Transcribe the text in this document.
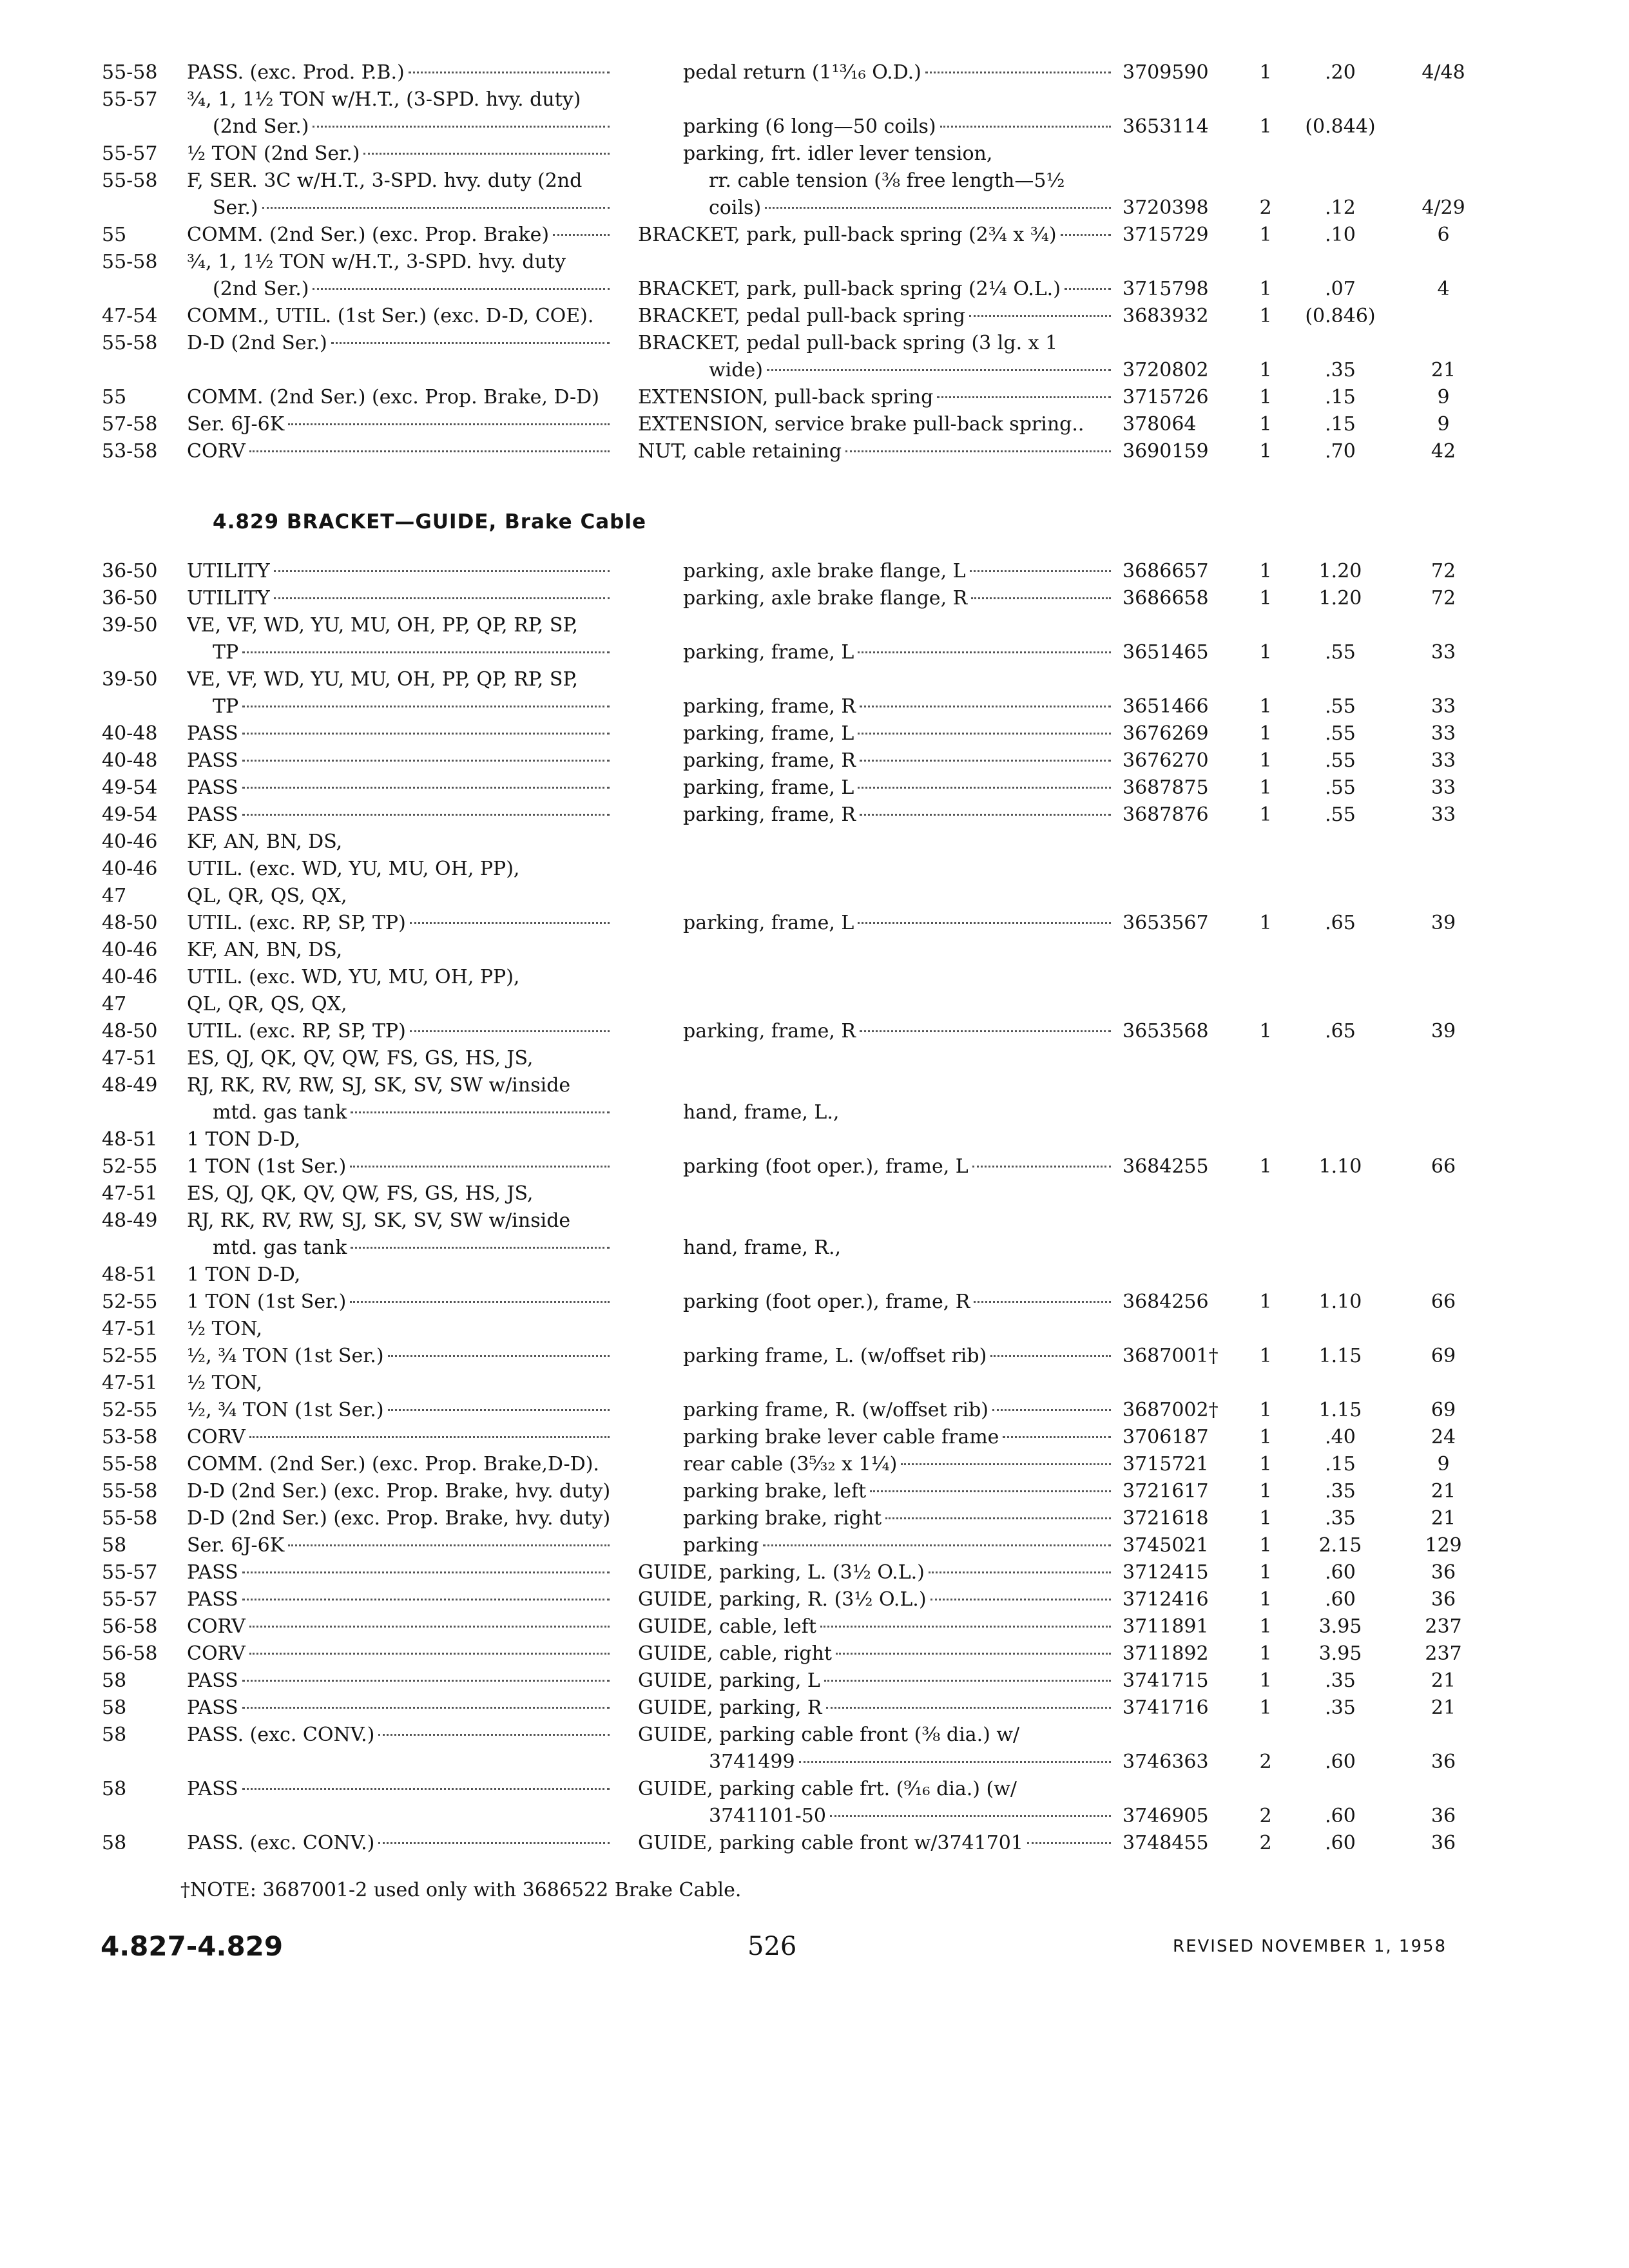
55-58	PASS. (exc. Prod. P.B.)	pedal return (1¹³⁄₁₆ O.D.)	3709590	1	.20	4/48
55-57	¾, 1, 1½ TON w/H.T., (3-SPD. hvy. duty)
(2nd Ser.)	parking (6 long—50 coils)	3653114	1	(0.844)
55-57	½ TON (2nd Ser.)	parking, frt. idler lever tension,
55-58	F, SER. 3C w/H.T., 3-SPD. hvy. duty (2nd	rr. cable tension (⅜ free length—5½
Ser.)	coils)	3720398	2	.12	4/29
55	COMM. (2nd Ser.) (exc. Prop. Brake)	BRACKET, park, pull-back spring (2¾ x ¾)	3715729	1	.10	6
55-58	¾, 1, 1½ TON w/H.T., 3-SPD. hvy. duty
(2nd Ser.)	BRACKET, park, pull-back spring (2¼ O.L.)	3715798	1	.07	4
47-54	COMM., UTIL. (1st Ser.) (exc. D-D, COE).	BRACKET, pedal pull-back spring	3683932	1	(0.846)
55-58	D-D (2nd Ser.)	BRACKET, pedal pull-back spring (3 lg. x 1
wide)	3720802	1	.35	21
55	COMM. (2nd Ser.) (exc. Prop. Brake, D-D)	EXTENSION, pull-back spring	3715726	1	.15	9
57-58	Ser. 6J-6K	EXTENSION, service brake pull-back spring..	378064	1	.15	9
53-58	CORV	NUT, cable retaining	3690159	1	.70	42
4.829 BRACKET—GUIDE, Brake Cable
36-50	UTILITY	parking, axle brake flange, L	3686657	1	1.20	72
36-50	UTILITY	parking, axle brake flange, R	3686658	1	1.20	72
39-50	VE, VF, WD, YU, MU, OH, PP, QP, RP, SP,
TP	parking, frame, L	3651465	1	.55	33
39-50	VE, VF, WD, YU, MU, OH, PP, QP, RP, SP,
TP	parking, frame, R	3651466	1	.55	33
40-48	PASS	parking, frame, L	3676269	1	.55	33
40-48	PASS	parking, frame, R	3676270	1	.55	33
49-54	PASS	parking, frame, L	3687875	1	.55	33
49-54	PASS	parking, frame, R	3687876	1	.55	33
40-46	KF, AN, BN, DS,
40-46	UTIL. (exc. WD, YU, MU, OH, PP),
47	QL, QR, QS, QX,
48-50	UTIL. (exc. RP, SP, TP)	parking, frame, L	3653567	1	.65	39
40-46	KF, AN, BN, DS,
40-46	UTIL. (exc. WD, YU, MU, OH, PP),
47	QL, QR, QS, QX,
48-50	UTIL. (exc. RP, SP, TP)	parking, frame, R	3653568	1	.65	39
47-51	ES, QJ, QK, QV, QW, FS, GS, HS, JS,
48-49	RJ, RK, RV, RW, SJ, SK, SV, SW w/inside
mtd. gas tank	hand, frame, L.,
48-51	1 TON D-D,
52-55	1 TON (1st Ser.)	parking (foot oper.), frame, L	3684255	1	1.10	66
47-51	ES, QJ, QK, QV, QW, FS, GS, HS, JS,
48-49	RJ, RK, RV, RW, SJ, SK, SV, SW w/inside
mtd. gas tank	hand, frame, R.,
48-51	1 TON D-D,
52-55	1 TON (1st Ser.)	parking (foot oper.), frame, R	3684256	1	1.10	66
47-51	½ TON,
52-55	½, ¾ TON (1st Ser.)	parking frame, L. (w/offset rib)	3687001†	1	1.15	69
47-51	½ TON,
52-55	½, ¾ TON (1st Ser.)	parking frame, R. (w/offset rib)	3687002†	1	1.15	69
53-58	CORV	parking brake lever cable frame	3706187	1	.40	24
55-58	COMM. (2nd Ser.) (exc. Prop. Brake,D-D).	rear cable (3⁵⁄₃₂ x 1¼)	3715721	1	.15	9
55-58	D-D (2nd Ser.) (exc. Prop. Brake, hvy. duty)	parking brake, left	3721617	1	.35	21
55-58	D-D (2nd Ser.) (exc. Prop. Brake, hvy. duty)	parking brake, right	3721618	1	.35	21
58	Ser. 6J-6K	parking	3745021	1	2.15	129
55-57	PASS	GUIDE, parking, L. (3½ O.L.)	3712415	1	.60	36
55-57	PASS	GUIDE, parking, R. (3½ O.L.)	3712416	1	.60	36
56-58	CORV	GUIDE, cable, left	3711891	1	3.95	237
56-58	CORV	GUIDE, cable, right	3711892	1	3.95	237
58	PASS	GUIDE, parking, L	3741715	1	.35	21
58	PASS	GUIDE, parking, R	3741716	1	.35	21
58	PASS. (exc. CONV.)	GUIDE, parking cable front (⅜ dia.) w/
3741499	3746363	2	.60	36
58	PASS	GUIDE, parking cable frt. (⁹⁄₁₆ dia.) (w/
3741101-50	3746905	2	.60	36
58	PASS. (exc. CONV.)	GUIDE, parking cable front w/3741701	3748455	2	.60	36
†NOTE: 3687001-2 used only with 3686522 Brake Cable.
4.827-4.829	526	REVISED NOVEMBER 1, 1958
